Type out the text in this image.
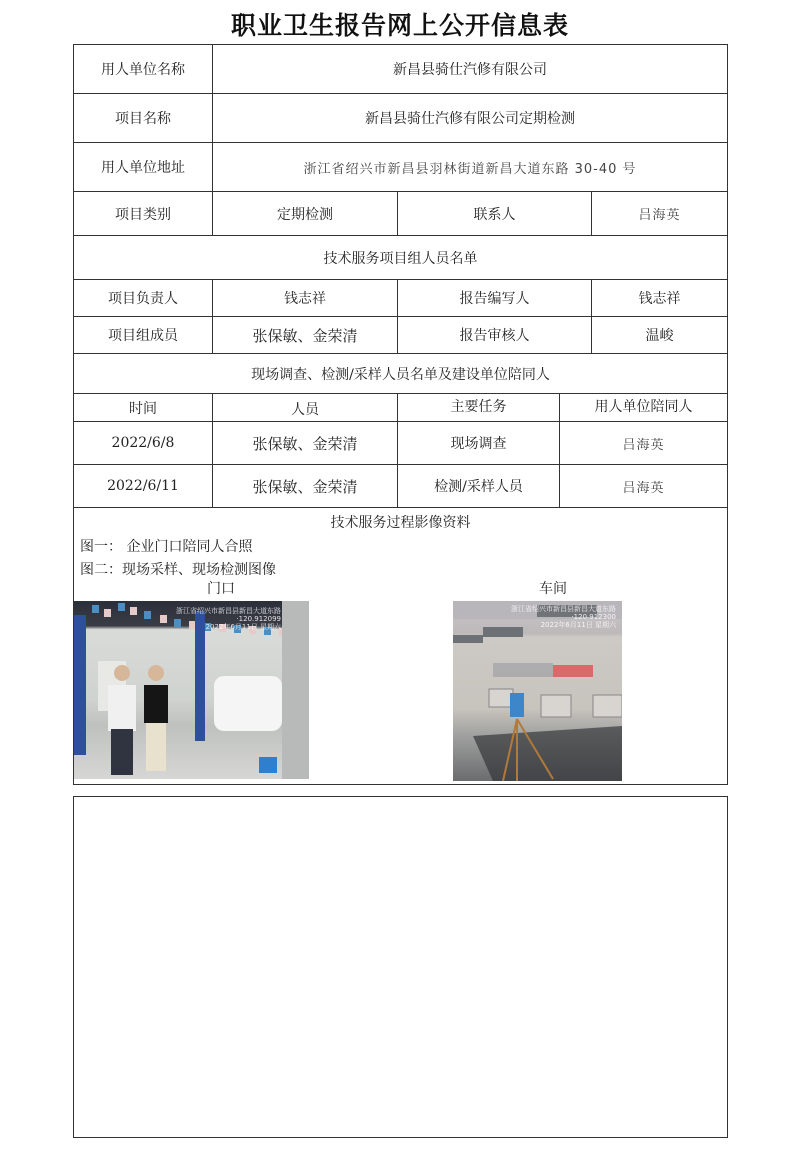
职业卫生报告网上公开信息表
用人单位名称	新昌县骑仕汽修有限公司
项目名称	新昌县骑仕汽修有限公司定期检测
用人单位地址	浙江省绍兴市新昌县羽林街道新昌大道东路 30-40 号
项目类别	定期检测	联系人	吕海英
技术服务项目组人员名单
项目负责人	钱志祥	报告编写人	钱志祥
项目组成员	张保敏、金荣清	报告审核人	温峻
现场调查、检测/采样人员名单及建设单位陪同人
时间	人员	主要任务	用人单位陪同人
2022/6/8	张保敏、金荣清	现场调查	吕海英
2022/6/11	张保敏、金荣清	检测/采样人员	吕海英
技术服务过程影像资料
图一： 企业门口陪同人合照
图二：现场采样、现场检测图像
门口	车间
浙江省绍兴市新昌县新昌大道东路
·120.912099
2022年6月11日 星期六
浙江省绍兴市新昌县新昌大道东路
·120.912300
2022年6月11日 星期六
